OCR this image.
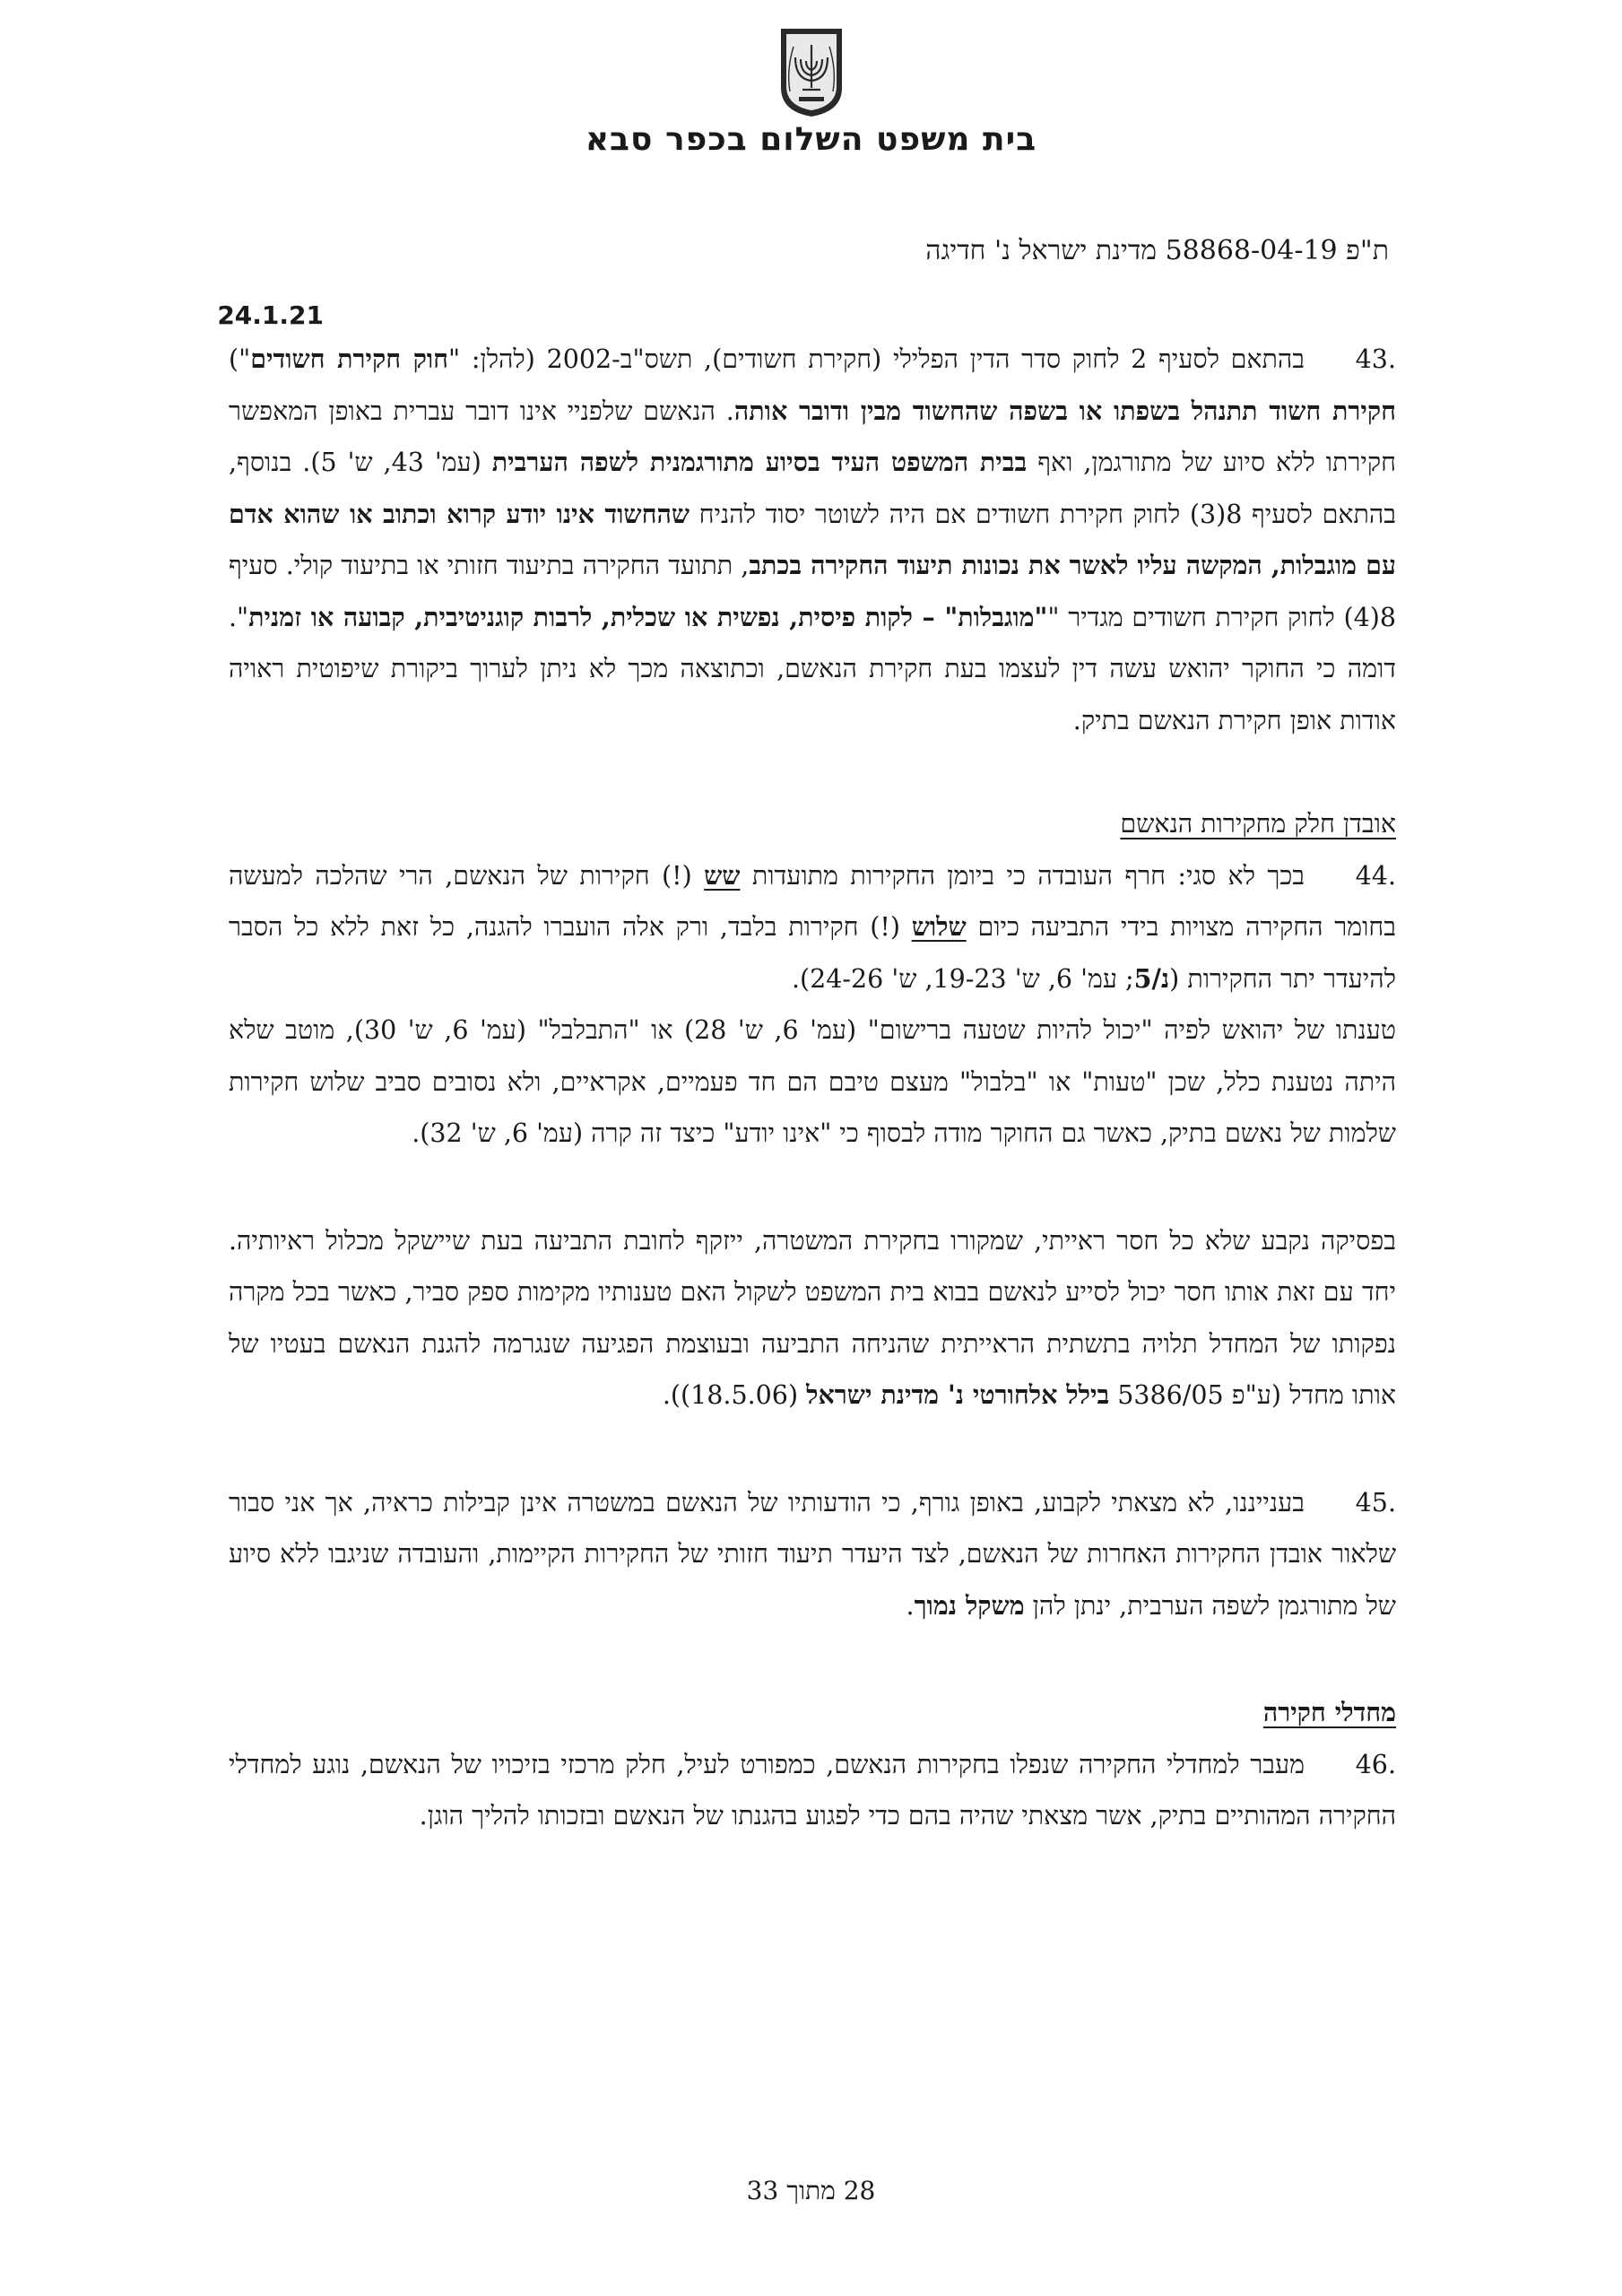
בית משפט השלום בכפר סבא
ת"פ 58868-04-19 מדינת ישראל נ' חדיגה
24.1.21

.43בהתאם לסעיף 2 לחוק סדר הדין הפלילי (חקירת חשודים), תשס"ב-2002 (להלן: "חוק חקירת חשודים") חקירת חשוד תתנהל בשפתו או בשפה שהחשוד מבין ודובר אותה. הנאשם שלפניי אינו דובר עברית באופן המאפשר חקירתו ללא סיוע של מתורגמן, ואף בבית המשפט העיד בסיוע מתורגמנית לשפה הערבית (עמ' 43, ש' 5). בנוסף, בהתאם לסעיף 8(3) לחוק חקירת חשודים אם היה לשוטר יסוד להניח שהחשוד אינו יודע קרוא וכתוב או שהוא אדם עם מוגבלות, המקשה עליו לאשר את נכונות תיעוד החקירה בכתב, תתועד החקירה בתיעוד חזותי או בתיעוד קולי. סעיף 8(4) לחוק חקירת חשודים מגדיר ""מוגבלות" – לקות פיסית, נפשית או שכלית, לרבות קוגניטיבית, קבועה או זמנית". דומה כי החוקר יהואש עשה דין לעצמו בעת חקירת הנאשם, וכתוצאה מכך לא ניתן לערוך ביקורת שיפוטית ראויה אודות אופן חקירת הנאשם בתיק.

אובדן חלק מחקירות הנאשם

.44בכך לא סגי: חרף העובדה כי ביומן החקירות מתועדות שש (!) חקירות של הנאשם, הרי שהלכה למעשה בחומר החקירה מצויות בידי התביעה כיום שלוש (!) חקירות בלבד, ורק אלה הועברו להגנה, כל זאת ללא כל הסבר להיעדר יתר החקירות (נ/5; עמ' 6, ש' 19-23, ש' 24-26).

טענתו של יהואש לפיה "יכול להיות שטעה ברישום" (עמ' 6, ש' 28) או "התבלבל" (עמ' 6, ש' 30), מוטב שלא היתה נטענת כלל, שכן "טעות" או "בלבול" מעצם טיבם הם חד פעמיים, אקראיים, ולא נסובים סביב שלוש חקירות שלמות של נאשם בתיק, כאשר גם החוקר מודה לבסוף כי "אינו יודע" כיצד זה קרה (עמ' 6, ש' 32).

בפסיקה נקבע שלא כל חסר ראייתי, שמקורו בחקירת המשטרה, ייזקף לחובת התביעה בעת שיישקל מכלול ראיותיה. יחד עם זאת אותו חסר יכול לסייע לנאשם בבוא בית המשפט לשקול האם טענותיו מקימות ספק סביר, כאשר בכל מקרה נפקותו של המחדל תלויה בתשתית הראייתית שהניחה התביעה ובעוצמת הפגיעה שנגרמה להגנת הנאשם בעטיו של אותו מחדל (ע"פ 5386/05 בילל אלחורטי נ' מדינת ישראל (18.5.06)).

.45בענייננו, לא מצאתי לקבוע, באופן גורף, כי הודעותיו של הנאשם במשטרה אינן קבילות כראיה, אך אני סבור שלאור אובדן החקירות האחרות של הנאשם, לצד היעדר תיעוד חזותי של החקירות הקיימות, והעובדה שניגבו ללא סיוע של מתורגמן לשפה הערבית, ינתן להן משקל נמוך.

מחדלי חקירה

.46מעבר למחדלי החקירה שנפלו בחקירות הנאשם, כמפורט לעיל, חלק מרכזי בזיכויו של הנאשם, נוגע למחדלי החקירה המהותיים בתיק, אשר מצאתי שהיה בהם כדי לפגוע בהגנתו של הנאשם ובזכותו להליך הוגן.

28 מתוך 33
